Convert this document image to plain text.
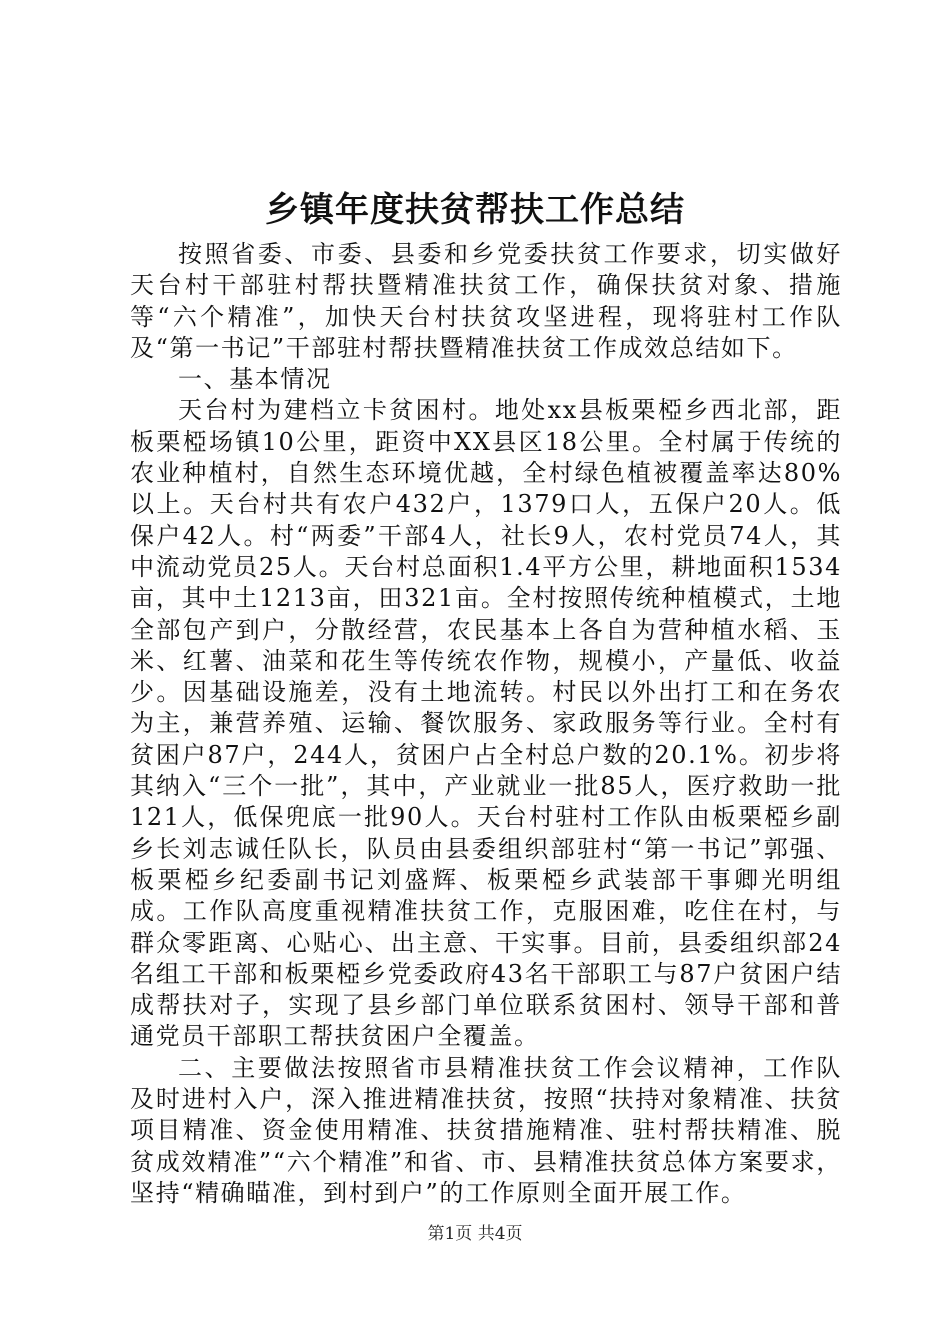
乡镇年度扶贫帮扶工作总结

按照省委、市委、县委和乡党委扶贫工作要求，切实做好天台村干部驻村帮扶暨精准扶贫工作，确保扶贫对象、措施等“六个精准”，加快天台村扶贫攻坚进程，现将驻村工作队及“第一书记”干部驻村帮扶暨精准扶贫工作成效总结如下。

一、基本情况

天台村为建档立卡贫困村。地处xx县板栗椏乡西北部，距板栗椏场镇10公里，距资中XX县区18公里。全村属于传统的农业种植村，自然生态环境优越，全村绿色植被覆盖率达80%以上。天台村共有农户432户，1379口人，五保户20人。低保户42人。村“两委”干部4人，社长9人，农村党员74人，其中流动党员25人。天台村总面积1.4平方公里，耕地面积1534亩，其中土1213亩，田321亩。全村按照传统种植模式，土地全部包产到户，分散经营，农民基本上各自为营种植水稻、玉米、红薯、油菜和花生等传统农作物，规模小，产量低、收益少。因基础设施差，没有土地流转。村民以外出打工和在务农为主，兼营养殖、运输、餐饮服务、家政服务等行业。全村有贫困户87户，244人，贫困户占全村总户数的20.1%。初步将其纳入“三个一批”，其中，产业就业一批85人，医疗救助一批121人，低保兜底一批90人。天台村驻村工作队由板栗椏乡副乡长刘志诚任队长，队员由县委组织部驻村“第一书记”郭强、板栗椏乡纪委副书记刘盛辉、板栗椏乡武装部干事卿光明组成。工作队高度重视精准扶贫工作，克服困难，吃住在村，与群众零距离、心贴心、出主意、干实事。目前，县委组织部24名组工干部和板栗椏乡党委政府43名干部职工与87户贫困户结成帮扶对子，实现了县乡部门单位联系贫困村、领导干部和普通党员干部职工帮扶贫困户全覆盖。

二、主要做法按照省市县精准扶贫工作会议精神，工作队及时进村入户，深入推进精准扶贫，按照“扶持对象精准、扶贫项目精准、资金使用精准、扶贫措施精准、驻村帮扶精准、脱贫成效精准”“六个精准”和省、市、县精准扶贫总体方案要求，坚持“精确瞄准，到村到户”的工作原则全面开展工作。

第1页 共4页
